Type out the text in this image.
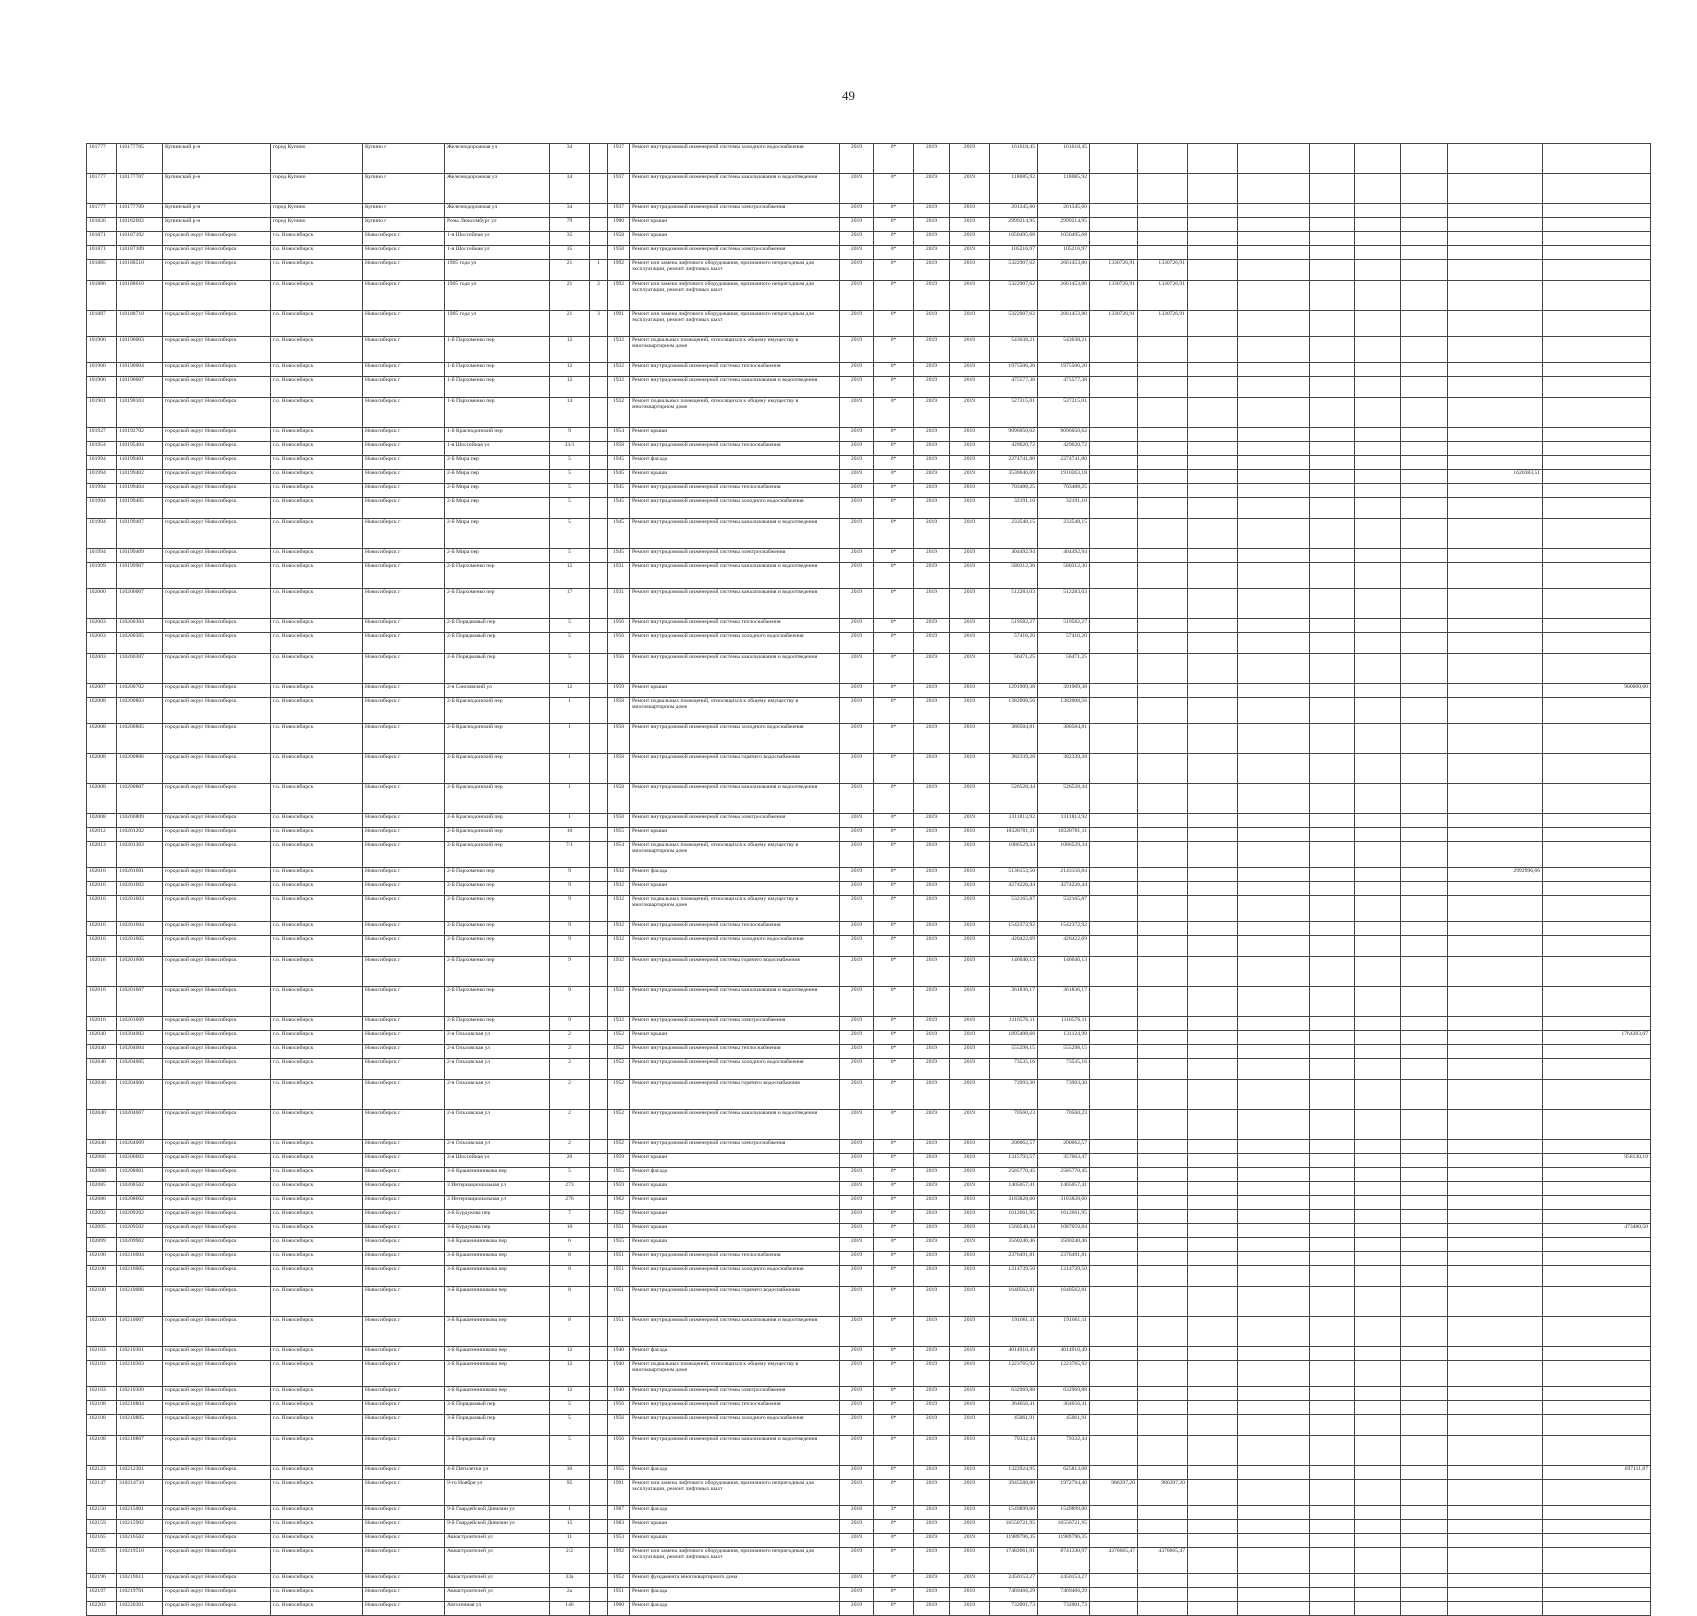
49
101777	110177705	Купинский р-н	город Купино	Купино г	Железнодорожная ул	34		1937	Ремонт внутридомовой инженерной системы холодного водоснабжения	2019	0*	2019	2019	161618,45	161618,45									
101777	110177707	Купинский р-н	город Купино	Купино г	Железнодорожная ул	34		1937	Ремонт внутридомовой инженерной системы канализования и водоотведения	2019	0*	2019	2019	118085,92	118085,92									
101777	110177709	Купинский р-н	город Купино	Купино г	Железнодорожная ул	34		1937	Ремонт внутридомовой инженерной системы электроснабжения	2019	0*	2019	2019	201345,60	201345,60									
101826	110182602	Купинский р-н	город Купино	Купино г	Розы Люксембург ул	79		1980	Ремонт крыши	2019	0*	2019	2019	2999214,95	2999214,95									
101871	110187102	городской округ Новосибирск	г.о. Новосибирск	Новосибирск г	1-я Шоссейная ул	35		1958	Ремонт крыши	2019	0*	2019	2019	1050495,68	1050495,68									
101871	110187109	городской округ Новосибирск	г.о. Новосибирск	Новосибирск г	1-я Шоссейная ул	35		1958	Ремонт внутридомовой инженерной системы электроснабжения	2019	0*	2019	2019	105216,97	105216,97									
101885	110188510	городской округ Новосибирск	г.о. Новосибирск	Новосибирск г	1905 года ул	21	1	1992	Ремонт или замена лифтового оборудования, признанного непригодным для эксплуатации, ремонт лифтовых шахт	2019	0*	2019	2019	5322907,62	2661453,80	1330726,91	1330726,91							
101886	110188610	городской округ Новосибирск	г.о. Новосибирск	Новосибирск г	1905 года ул	21	2	1992	Ремонт или замена лифтового оборудования, признанного непригодным для эксплуатации, ремонт лифтовых шахт	2019	0*	2019	2019	5322907,62	2661453,80	1330726,91	1330726,91							
101887	110188710	городской округ Новосибирск	г.о. Новосибирск	Новосибирск г	1905 года ул	21	3	1991	Ремонт или замена лифтового оборудования, признанного непригодным для эксплуатации, ремонт лифтовых шахт	2019	0*	2019	2019	5322907,62	2661453,80	1330726,91	1330726,91							
101900	110190003	городской округ Новосибирск	г.о. Новосибирск	Новосибирск г	1-й Пархоменко пер	12		1932	Ремонт подвальных помещений, относящихся к общему имуществу в многоквартирном доме	2019	0*	2019	2019	543638,21	543638,21									
101900	110190004	городской округ Новосибирск	г.о. Новосибирск	Новосибирск г	1-й Пархоменко пер	12		1932	Ремонт внутридомовой инженерной системы теплоснабжения	2019	0*	2019	2019	1975506,20	1975506,20									
101900	110190007	городской округ Новосибирск	г.о. Новосибирск	Новосибирск г	1-й Пархоменко пер	12		1932	Ремонт внутридомовой инженерной системы канализования и водоотведения	2019	0*	2019	2019	475577,38	475577,38									
101901	110190103	городской округ Новосибирск	г.о. Новосибирск	Новосибирск г	1-й Пархоменко пер	14		1932	Ремонт подвальных помещений, относящихся к общему имуществу в многоквартирном доме	2019	0*	2019	2019	527215,01	527215,01									
101927	110192702	городской округ Новосибирск	г.о. Новосибирск	Новосибирск г	1-й Краснодонский пер	9		1954	Ремонт крыши	2019	0*	2019	2019	9096050,62	9096050,62									
101954	110195404	городской округ Новосибирск	г.о. Новосибирск	Новосибирск г	1-я Шоссейная ул	33/1		1958	Ремонт внутридомовой инженерной системы теплоснабжения	2019	0*	2019	2019	429620,72	429620,72									
101994	110199401	городской округ Новосибирск	г.о. Новосибирск	Новосибирск г	2-й Мира пер	5		1945	Ремонт фасада	2019	0*	2019	2019	2274741,80	2274741,80									
101994	110199402	городской округ Новосибирск	г.о. Новосибирск	Новосибирск г	2-й Мира пер	5		1945	Ремонт крыши	2019	0*	2019	2019	3530646,69	1910263,18								1620383,51	
101994	110199404	городской округ Новосибирск	г.о. Новосибирск	Новосибирск г	2-й Мира пер	5		1945	Ремонт внутридомовой инженерной системы теплоснабжения	2019	0*	2019	2019	703488,25	703488,25									
101994	110199405	городской округ Новосибирск	г.о. Новосибирск	Новосибирск г	2-й Мира пер	5		1945	Ремонт внутридомовой инженерной системы холодного водоснабжения	2019	0*	2019	2019	32191,10	32191,10									
101994	110199407	городской округ Новосибирск	г.о. Новосибирск	Новосибирск г	2-й Мира пер	5		1945	Ремонт внутридомовой инженерной системы канализования и водоотведения	2019	0*	2019	2019	233548,15	233548,15									
101994	110199409	городской округ Новосибирск	г.о. Новосибирск	Новосибирск г	2-й Мира пер	5		1945	Ремонт внутридомовой инженерной системы электроснабжения	2019	0*	2019	2019	404492,94	404492,94									
101999	110199907	городской округ Новосибирск	г.о. Новосибирск	Новосибирск г	2-й Пархоменко пер	15		1931	Ремонт внутридомовой инженерной системы канализования и водоотведения	2019	0*	2019	2019	580312,30	580312,30									
102000	110200007	городской округ Новосибирск	г.о. Новосибирск	Новосибирск г	2-й Пархоменко пер	17		1931	Ремонт внутридомовой инженерной системы канализования и водоотведения	2019	0*	2019	2019	512283,03	512283,03									
102003	110200304	городской округ Новосибирск	г.о. Новосибирск	Новосибирск г	2-й Порядковый пер	5		1956	Ремонт внутридомовой инженерной системы теплоснабжения	2019	0*	2019	2019	519582,27	519582,27									
102003	110200305	городской округ Новосибирск	г.о. Новосибирск	Новосибирск г	2-й Порядковый пер	5		1956	Ремонт внутридомовой инженерной системы холодного водоснабжения	2019	0*	2019	2019	57416,20	57416,20									
102003	110200307	городской округ Новосибирск	г.о. Новосибирск	Новосибирск г	2-й Порядковый пер	5		1956	Ремонт внутридомовой инженерной системы канализования и водоотведения	2019	0*	2019	2019	56471,25	56471,25									
102007	110200702	городской округ Новосибирск	г.о. Новосибирск	Новосибирск г	2-я Союзовский ул	12		1959	Ремонт крыши	2019	0*	2019	2019	1291909,38	391909,38									900000,00
102008	110200803	городской округ Новосибирск	г.о. Новосибирск	Новосибирск г	2-й Краснодонский пер	1		1958	Ремонт подвальных помещений, относящихся к общему имуществу в многоквартирном доме	2019	0*	2019	2019	1382008,56	1382008,56									
102008	110200805	городской округ Новосибирск	г.о. Новосибирск	Новосибирск г	2-й Краснодонский пер	1		1958	Ремонт внутридомовой инженерной системы холодного водоснабжения	2019	0*	2019	2019	380584,81	380584,81									
102008	110200806	городской округ Новосибирск	г.о. Новосибирск	Новосибирск г	2-й Краснодонский пер	1		1958	Ремонт внутридомовой инженерной системы горячего водоснабжения	2019	0*	2019	2019	382339,28	382339,28									
102008	110200807	городской округ Новосибирск	г.о. Новосибирск	Новосибирск г	2-й Краснодонский пер	1		1958	Ремонт внутридомовой инженерной системы канализования и водоотведения	2019	0*	2019	2019	526528,44	526528,44									
102008	110200809	городской округ Новосибирск	г.о. Новосибирск	Новосибирск г	2-й Краснодонский пер	1		1958	Ремонт внутридомовой инженерной системы электроснабжения	2019	0*	2019	2019	1311813,92	1311813,92									
102012	110201202	городской округ Новосибирск	г.о. Новосибирск	Новосибирск г	2-й Краснодонский пер	10		1955	Ремонт крыши	2019	0*	2019	2019	10328701,11	10328701,11									
102013	110201303	городской округ Новосибирск	г.о. Новосибирск	Новосибирск г	2-й Краснодонский пер	7/1		1954	Ремонт подвальных помещений, относящихся к общему имуществу в многоквартирном доме	2019	0*	2019	2019	1086529,34	1086529,34									
102016	110201601	городской округ Новосибирск	г.о. Новосибирск	Новосибирск г	2-й Пархоменко пер	9		1932	Ремонт фасада	2019	0*	2019	2019	5136153,50	2143156,84								2992996,66	
102016	110201602	городской округ Новосибирск	г.о. Новосибирск	Новосибирск г	2-й Пархоменко пер	9		1932	Ремонт крыши	2019	0*	2019	2019	4274226,44	4274226,44									
102016	110201603	городской округ Новосибирск	г.о. Новосибирск	Новосибирск г	2-й Пархоменко пер	9		1932	Ремонт подвальных помещений, относящихся к общему имуществу в многоквартирном доме	2019	0*	2019	2019	532165,87	532165,87									
102016	110201604	городской округ Новосибирск	г.о. Новосибирск	Новосибирск г	2-й Пархоменко пер	9		1932	Ремонт внутридомовой инженерной системы теплоснабжения	2019	0*	2019	2019	1542372,92	1542372,92									
102016	110201605	городской округ Новосибирск	г.о. Новосибирск	Новосибирск г	2-й Пархоменко пер	9		1932	Ремонт внутридомовой инженерной системы холодного водоснабжения	2019	0*	2019	2019	420422,69	420422,69									
102016	110201606	городской округ Новосибирск	г.о. Новосибирск	Новосибирск г	2-й Пархоменко пер	9		1932	Ремонт внутридомовой инженерной системы горячего водоснабжения	2019	0*	2019	2019	146040,13	146040,13									
102016	110201607	городской округ Новосибирск	г.о. Новосибирск	Новосибирск г	2-й Пархоменко пер	9		1932	Ремонт внутридомовой инженерной системы канализования и водоотведения	2019	0*	2019	2019	361836,17	361836,17									
102016	110201609	городской округ Новосибирск	г.о. Новосибирск	Новосибирск г	2-й Пархоменко пер	9		1932	Ремонт внутридомовой инженерной системы электроснабжения	2019	0*	2019	2019	1116576,11	1116576,11									
102040	110204002	городской округ Новосибирск	г.о. Новосибирск	Новосибирск г	2-я Ольховская ул	2		1952	Ремонт крыши	2019	0*	2019	2019	1895408,66	131124,99									1764283,67
102040	110204004	городской округ Новосибирск	г.о. Новосибирск	Новосибирск г	2-я Ольховская ул	2		1952	Ремонт внутридомовой инженерной системы теплоснабжения	2019	0*	2019	2019	555298,15	555298,15									
102040	110204005	городской округ Новосибирск	г.о. Новосибирск	Новосибирск г	2-я Ольховская ул	2		1952	Ремонт внутридомовой инженерной системы холодного водоснабжения	2019	0*	2019	2019	73535,16	73535,16									
102040	110204006	городской округ Новосибирск	г.о. Новосибирск	Новосибирск г	2-я Ольховская ул	2		1952	Ремонт внутридомовой инженерной системы горячего водоснабжения	2019	0*	2019	2019	73993,30	73993,30									
102040	110204007	городской округ Новосибирск	г.о. Новосибирск	Новосибирск г	2-я Ольховская ул	2		1952	Ремонт внутридомовой инженерной системы канализования и водоотведения	2019	0*	2019	2019	70560,23	70560,23									
102040	110204009	городской округ Новосибирск	г.о. Новосибирск	Новосибирск г	2-я Ольховская ул	2		1952	Ремонт внутридомовой инженерной системы электроснабжения	2019	0*	2019	2019	200062,57	200062,57									
102066	110206602	городской округ Новосибирск	г.о. Новосибирск	Новосибирск г	2-я Шоссейная ул	20		1959	Ремонт крыши	2019	0*	2019	2019	1315793,57	357663,47									958130,10
102080	110208001	городской округ Новосибирск	г.о. Новосибирск	Новосибирск г	3-й Крашенинникова пер	5		1955	Ремонт фасада	2019	0*	2019	2019	2585770,45	2585770,45									
102085	110208502	городской округ Новосибирск	г.о. Новосибирск	Новосибирск г	3 Интернациональная ул	273		1959	Ремонт крыши	2019	0*	2019	2019	1405057,41	1405057,41									
102086	110208602	городской округ Новосибирск	г.о. Новосибирск	Новосибирск г	3 Интернациональная ул	276		1962	Ремонт крыши	2019	0*	2019	2019	3183828,60	3183828,60									
102092	110209202	городской округ Новосибирск	г.о. Новосибирск	Новосибирск г	3-й Бурдукова пер	7		1952	Ремонт крыши	2019	0*	2019	2019	1612661,95	1612661,95									
102095	110209502	городской округ Новосибирск	г.о. Новосибирск	Новосибирск г	3-й Бурдукова пер	10		1951	Ремонт крыши	2019	0*	2019	2019	1560540,34	1087059,84									473480,50
102099	110209902	городской округ Новосибирск	г.о. Новосибирск	Новосибирск г	3-й Крашенинникова пер	6		1955	Ремонт крыши	2019	0*	2019	2019	3560240,46	3560240,46									
102100	110210004	городской округ Новосибирск	г.о. Новосибирск	Новосибирск г	3-й Крашенинникова пер	8		1951	Ремонт внутридомовой инженерной системы теплоснабжения	2019	0*	2019	2019	2376491,81	2376491,81									
102100	110210005	городской округ Новосибирск	г.о. Новосибирск	Новосибирск г	3-й Крашенинникова пер	8		1951	Ремонт внутридомовой инженерной системы холодного водоснабжения	2019	0*	2019	2019	1214739,50	1214739,50									
102100	110210006	городской округ Новосибирск	г.о. Новосибирск	Новосибирск г	3-й Крашенинникова пер	8		1951	Ремонт внутридомовой инженерной системы горячего водоснабжения	2019	0*	2019	2019	1640562,81	1640562,81									
102100	110210007	городской округ Новосибирск	г.о. Новосибирск	Новосибирск г	3-й Крашенинникова пер	8		1951	Ремонт внутридомовой инженерной системы канализования и водоотведения	2019	0*	2019	2019	191661,11	191661,11									
102103	110210301	городской округ Новосибирск	г.о. Новосибирск	Новосибирск г	3-й Крашенинникова пер	12		1940	Ремонт фасада	2019	0*	2019	2019	4014910,49	4014910,49									
102103	110210303	городской округ Новосибирск	г.о. Новосибирск	Новосибирск г	3-й Крашенинникова пер	12		1940	Ремонт подвальных помещений, относящихся к общему имуществу в многоквартирном доме	2019	0*	2019	2019	1223765,92	1223765,92									
102103	110210309	городской округ Новосибирск	г.о. Новосибирск	Новосибирск г	3-й Крашенинникова пер	12		1940	Ремонт внутридомовой инженерной системы электроснабжения	2019	0*	2019	2019	632969,88	632969,88									
102108	110210804	городской округ Новосибирск	г.о. Новосибирск	Новосибирск г	3-й Порядковый пер	5		1956	Ремонт внутридомовой инженерной системы теплоснабжения	2019	0*	2019	2019	364656,41	364656,41									
102108	110210805	городской округ Новосибирск	г.о. Новосибирск	Новосибирск г	3-й Порядковый пер	5		1956	Ремонт внутридомовой инженерной системы холодного водоснабжения	2019	0*	2019	2019	45061,91	45061,91									
102108	110210807	городской округ Новосибирск	г.о. Новосибирск	Новосибирск г	3-й Порядковый пер	5		1956	Ремонт внутридомовой инженерной системы канализования и водоотведения	2019	0*	2019	2019	79332,44	79332,44									
102123	110212301	городской округ Новосибирск	г.о. Новосибирск	Новосибирск г	4-й Пятилетки ул	30		1955	Ремонт фасада	2019	0*	2019	2019	1322924,95	625813,08									697111,87
102147	310214710	городской округ Новосибирск	г.о. Новосибирск	Новосибирск г	9-го Ноября ул	95		1991	Ремонт или замена лифтового оборудования, признанного непригодным для эксплуатации, ремонт лифтовых шахт	2019	0*	2019	2019	3945588,80	1972794,40	986397,20	986397,20							
102150	110215001	городской округ Новосибирск	г.о. Новосибирск	Новосибирск г	9-й Гвардейской Дивизии ул	1		1987	Ремонт фасада	2018	3*	2019	2019	1549899,00	1549899,00									
102159	110215902	городской округ Новосибирск	г.о. Новосибирск	Новосибирск г	9-й Гвардейской Дивизии ул	15		1983	Ремонт крыши	2019	0*	2019	2019	16550721,95	16550721,95									
102165	110216502	городской округ Новосибирск	г.о. Новосибирск	Новосибирск г	Авиастроителей ул	11		1953	Ремонт крыши	2019	0*	2019	2019	11989796,35	11989796,35									
102195	110219510	городской округ Новосибирск	г.о. Новосибирск	Новосибирск г	Авиастроителей ул	2/2		1992	Ремонт или замена лифтового оборудования, признанного непригодным для эксплуатации, ремонт лифтовых шахт	2019	0*	2019	2019	17482661,91	8741330,97	4370665,47	4370665,47							
102196	110219611	городской округ Новосибирск	г.о. Новосибирск	Новосибирск г	Авиастроителей ул	33а		1952	Ремонт фундамента многоквартирного дома	2019	0*	2019	2019	2450153,27	2450153,27									
102197	110219701	городской округ Новосибирск	г.о. Новосибирск	Новосибирск г	Авиастроителей ул	2а		1951	Ремонт фасада	2019	0*	2019	2019	7469466,29	7469466,29									
102203	110220301	городской округ Новосибирск	г.о. Новосибирск	Новосибирск г	Автогенная ул	146		1960	Ремонт фасада	2019	0*	2019	2019	732001,73	732001,73									
